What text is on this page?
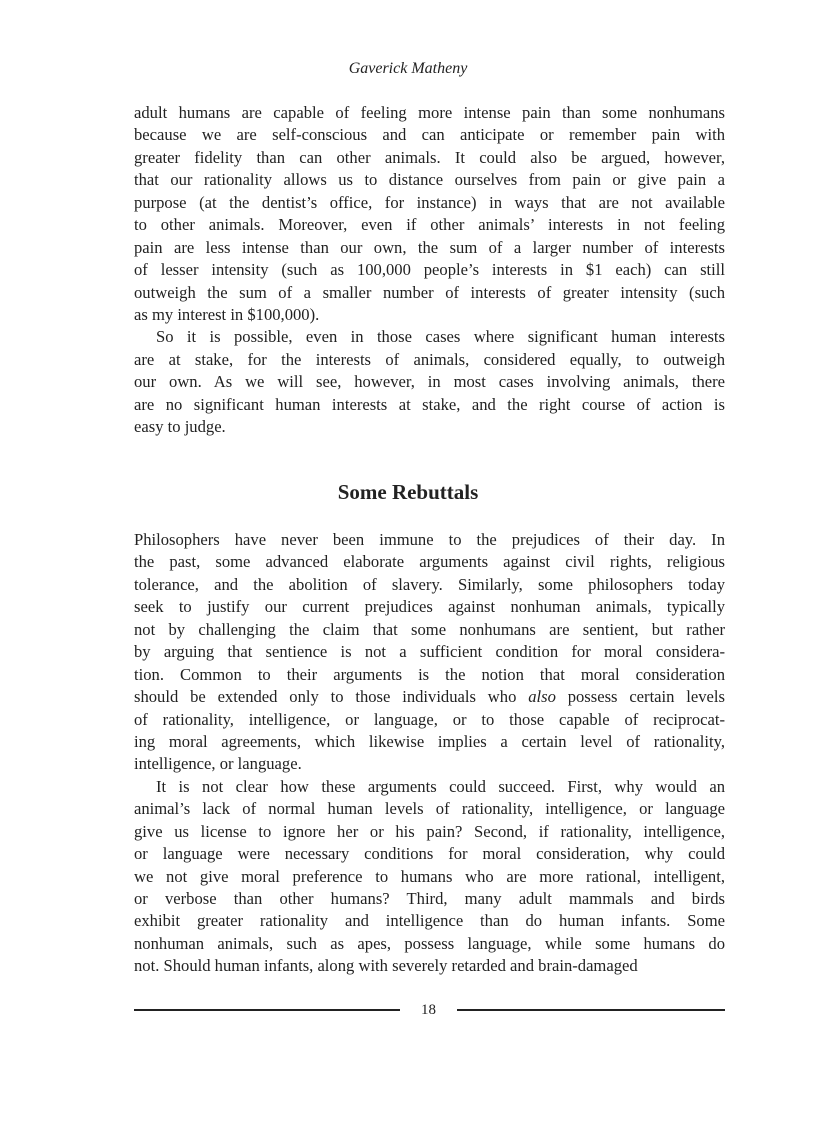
Gaverick Matheny
adult humans are capable of feeling more intense pain than some nonhumans
because we are self-conscious and can anticipate or remember pain with
greater fidelity than can other animals. It could also be argued, however,
that our rationality allows us to distance ourselves from pain or give pain a
purpose (at the dentist’s office, for instance) in ways that are not available
to other animals. Moreover, even if other animals’ interests in not feeling
pain are less intense than our own, the sum of a larger number of interests
of lesser intensity (such as 100,000 people’s interests in $1 each) can still
outweigh the sum of a smaller number of interests of greater intensity (such
as my interest in $100,000).
So it is possible, even in those cases where significant human interests
are at stake, for the interests of animals, considered equally, to outweigh
our own. As we will see, however, in most cases involving animals, there
are no significant human interests at stake, and the right course of action is
easy to judge.
Some Rebuttals
Philosophers have never been immune to the prejudices of their day. In
the past, some advanced elaborate arguments against civil rights, religious
tolerance, and the abolition of slavery. Similarly, some philosophers today
seek to justify our current prejudices against nonhuman animals, typically
not by challenging the claim that some nonhumans are sentient, but rather
by arguing that sentience is not a sufficient condition for moral considera-
tion. Common to their arguments is the notion that moral consideration
should be extended only to those individuals who also possess certain levels
of rationality, intelligence, or language, or to those capable of reciprocat-
ing moral agreements, which likewise implies a certain level of rationality,
intelligence, or language.
It is not clear how these arguments could succeed. First, why would an
animal’s lack of normal human levels of rationality, intelligence, or language
give us license to ignore her or his pain? Second, if rationality, intelligence,
or language were necessary conditions for moral consideration, why could
we not give moral preference to humans who are more rational, intelligent,
or verbose than other humans? Third, many adult mammals and birds
exhibit greater rationality and intelligence than do human infants. Some
nonhuman animals, such as apes, possess language, while some humans do
not. Should human infants, along with severely retarded and brain-damaged
18
